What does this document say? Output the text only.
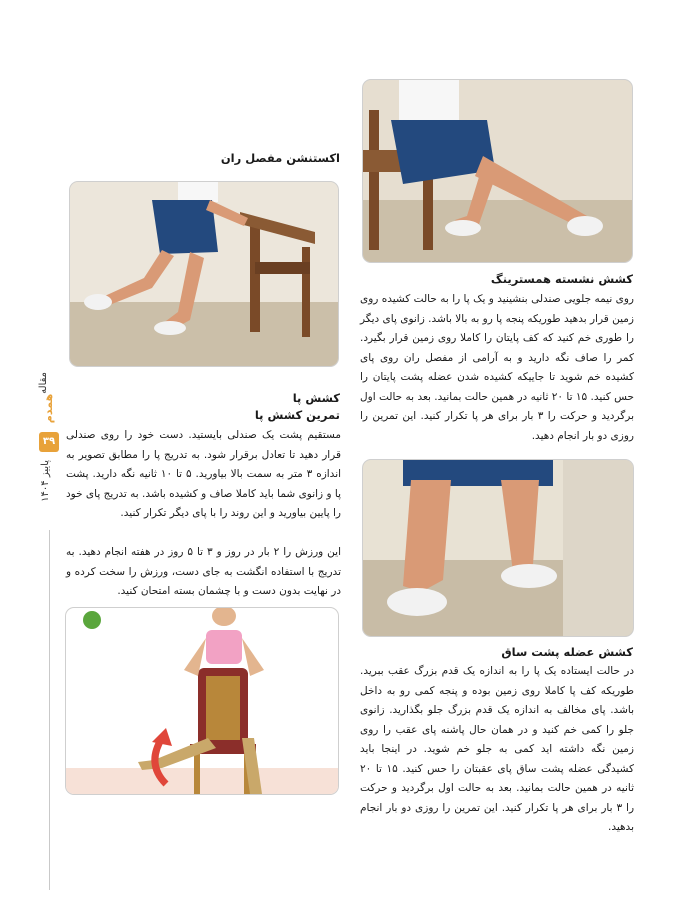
مقاله
همدم
۳۹
پاییز ۱۴۰۴
اکستنشن مفصل ران
کشش پا
تمرین کشش پا

مستقیم پشت یک صندلی بایستید. دست خود را روی صندلی قرار دهید تا تعادل برقرار شود. به تدریج پا را مطابق تصویر به اندازه ۳ متر به سمت بالا بیاورید. ۵ تا ۱۰ ثانیه نگه دارید. پشت پا و زانوی شما باید کاملا صاف و کشیده باشد. به تدریج پای خود را پایین بیاورید و این روند را با پای دیگر تکرار کنید.

این ورزش را ۲ بار در روز و ۳ تا ۵ روز در هفته انجام دهید. به تدریج با استفاده انگشت به جای دست، ورزش را سخت کرده و در نهایت بدون دست و با چشمان بسته امتحان کنید.

کشش نشسته همسترینگ

روی نیمه جلویی صندلی بنشینید و یک پا را به حالت کشیده روی زمین قرار بدهید طوریکه پنجه پا رو به بالا باشد. زانوی پای دیگر را طوری خم کنید که کف پایتان را کاملا روی زمین قرار بگیرد. کمر را صاف نگه دارید و به آرامی از مفصل ران روی پای کشیده خم شوید تا جاییکه کشیده شدن عضله پشت پایتان را حس کنید. ۱۵ تا ۲۰ ثانیه در همین حالت بمانید. بعد به حالت اول برگردید و حرکت را ۳ بار برای هر پا تکرار کنید. این تمرین را روزی دو بار انجام دهید.

کشش عضله پشت ساق

در حالت ایستاده یک پا را به اندازه یک قدم بزرگ عقب ببرید. طوریکه کف پا کاملا روی زمین بوده و پنجه کمی رو به داخل باشد. پای مخالف به اندازه یک قدم بزرگ جلو بگذارید. زانوی جلو را کمی خم کنید و در همان حال پاشنه پای عقب را روی زمین نگه داشته اید کمی به جلو خم شوید. در اینجا باید کشیدگی عضله پشت ساق پای عقبتان را حس کنید. ۱۵ تا ۲۰ ثانیه در همین حالت بمانید. بعد به حالت اول برگردید و حرکت را ۳ بار برای هر پا تکرار کنید. این تمرین را روزی دو بار انجام بدهید.
